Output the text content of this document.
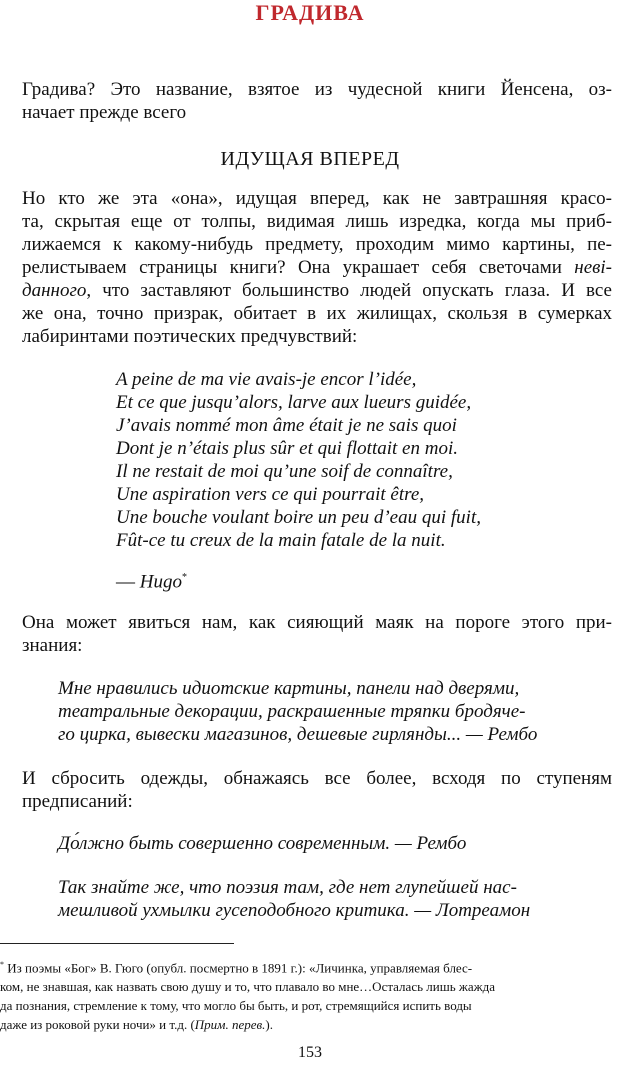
ГРАДИВА
Градива? Это название, взятое из чудесной книги Йенсена, оз-
начает прежде всего
ИДУЩАЯ ВПЕРЕД
Но кто же эта «она», идущая вперед, как не завтрашняя красо-
та, скрытая еще от толпы, видимая лишь изредка, когда мы приб-
лижаемся к какому-нибудь предмету, проходим мимо картины, пе-
релистываем страницы книги? Она украшает себя светочами невi-
данного, что заставляют большинство людей опускать глаза. И все
же она, точно призрак, обитает в их жилищах, скользя в сумерках
лабиринтами поэтических предчувствий:
A peine de ma vie avais-je encor l’idée,
Et ce que jusqu’alors, larve aux lueurs guidée,
J’avais nommé mon âme était je ne sais quoi
Dont je n’étais plus sûr et qui flottait en moi.
Il ne restait de moi qu’une soif de connaître,
Une aspiration vers ce qui pourrait être,
Une bouche voulant boire un peu d’eau qui fuit,
Fût-ce tu creux de la main fatale de la nuit.
— Hugo*
Она может явиться нам, как сияющий маяк на пороге этого при-
знания:
Мне нравились идиотские картины, панели над дверями,
театральные декорации, раскрашенные тряпки бродяче-
го цирка, вывески магазинов, дешевые гирлянды... — Рембо
И сбросить одежды, обнажаясь все более, всходя по ступеням
предписаний:
До́лжно быть совершенно современным. — Рембо
Так знайте же, что поэзия там, где нет глупейшей нас-
мешливой ухмылки гусеподобного критика. — Лотреамон
* Из поэмы «Бог» В. Гюго (опубл. посмертно в 1891 г.): «Личинка, управляемая блес-
ком, не знавшая, как назвать свою душу и то, что плавало во мне…Осталась лишь жажда
да познания, стремление к тому, что могло бы быть, и рот, стремящийся испить воды
даже из роковой руки ночи» и т.д. (Прим. перев.).
153
